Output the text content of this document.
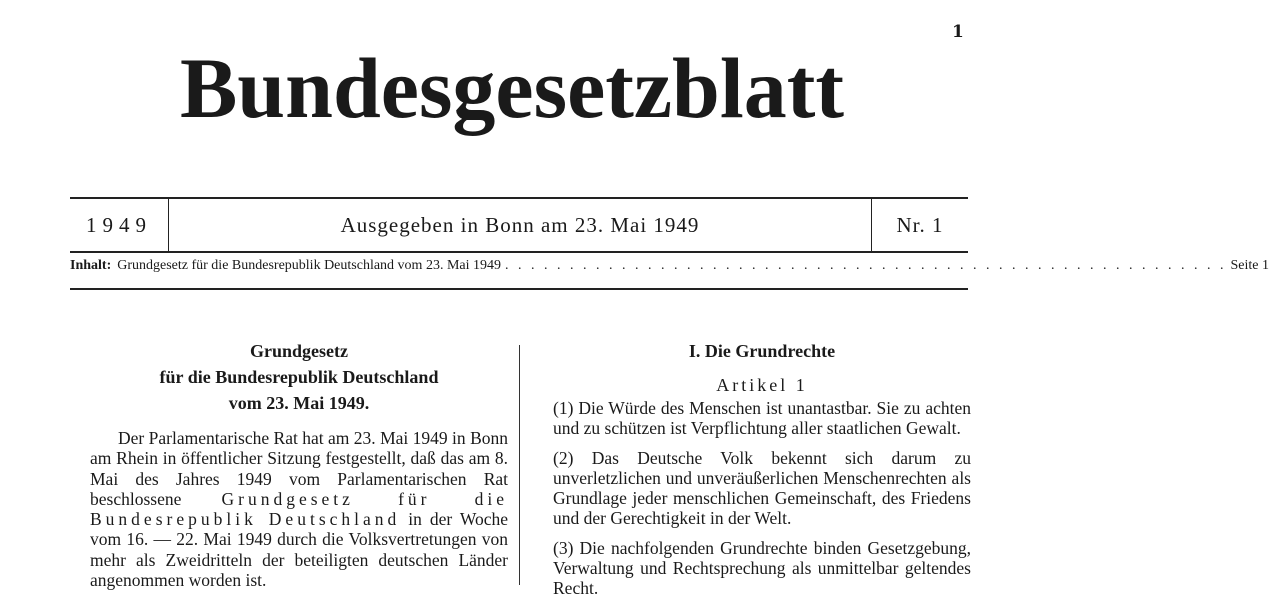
1
Bundesgesetzblatt
1949	Ausgegeben in Bonn am 23. Mai 1949	Nr. 1
Inhalt: Grundgesetz für die Bundesrepublik Deutschland vom 23. Mai 1949 . . . . . . . . . . . . . . . . . . . . . . . . . . . . . . . . . . . . . . . . . . . . . . . . . . . . . . . . Seite 1
Grundgesetz
für die Bundesrepublik Deutschland
vom 23. Mai 1949.

Der Parlamentarische Rat hat am 23. Mai 1949 in Bonn am Rhein in öffentlicher Sitzung festgestellt, daß das am 8. Mai des Jahres 1949 vom Parlamentarischen Rat beschlossene Grundgesetz für die Bundesrepublik Deutschland in der Woche vom 16. — 22. Mai 1949 durch die Volksvertretungen von mehr als Zweidritteln der beteiligten deutschen Länder angenommen worden ist.

I. Die Grundrechte
Artikel 1

(1) Die Würde des Menschen ist unantastbar. Sie zu achten und zu schützen ist Verpflichtung aller staatlichen Gewalt.

(2) Das Deutsche Volk bekennt sich darum zu unverletzlichen und unveräußerlichen Menschenrechten als Grundlage jeder menschlichen Gemeinschaft, des Friedens und der Gerechtigkeit in der Welt.

(3) Die nachfolgenden Grundrechte binden Gesetzgebung, Verwaltung und Rechtsprechung als unmittelbar geltendes Recht.
